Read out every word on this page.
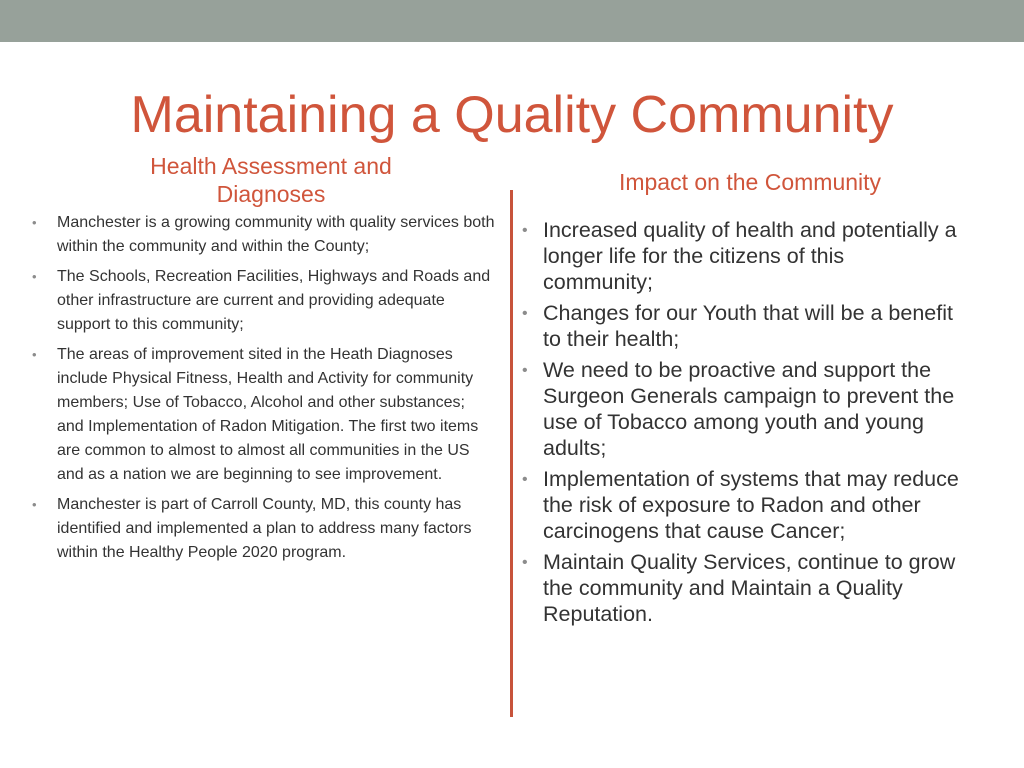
Maintaining a Quality Community
Health Assessment and Diagnoses	Impact on the Community
• Manchester is a growing community with quality services both within the community and within the County;
• The Schools, Recreation Facilities, Highways and Roads and other infrastructure are current and providing adequate support to this community;
• The areas of improvement sited in the Heath Diagnoses include Physical Fitness, Health and Activity for community members; Use of Tobacco, Alcohol and other substances; and Implementation of Radon Mitigation. The first two items are common to almost to almost all communities in the US and as a nation we are beginning to see improvement.
• Manchester is part of Carroll County, MD, this county has identified and implemented a plan to address many factors within the Healthy People 2020 program.
• Increased quality of health and potentially a longer life for the citizens of this community;
• Changes for our Youth that will be a benefit to their health;
• We need to be proactive and support the Surgeon Generals campaign to prevent the use of Tobacco among youth and young adults;
• Implementation of systems that may reduce the risk of exposure to Radon and other carcinogens that cause Cancer;
• Maintain Quality Services, continue to grow the community and Maintain a Quality Reputation.
